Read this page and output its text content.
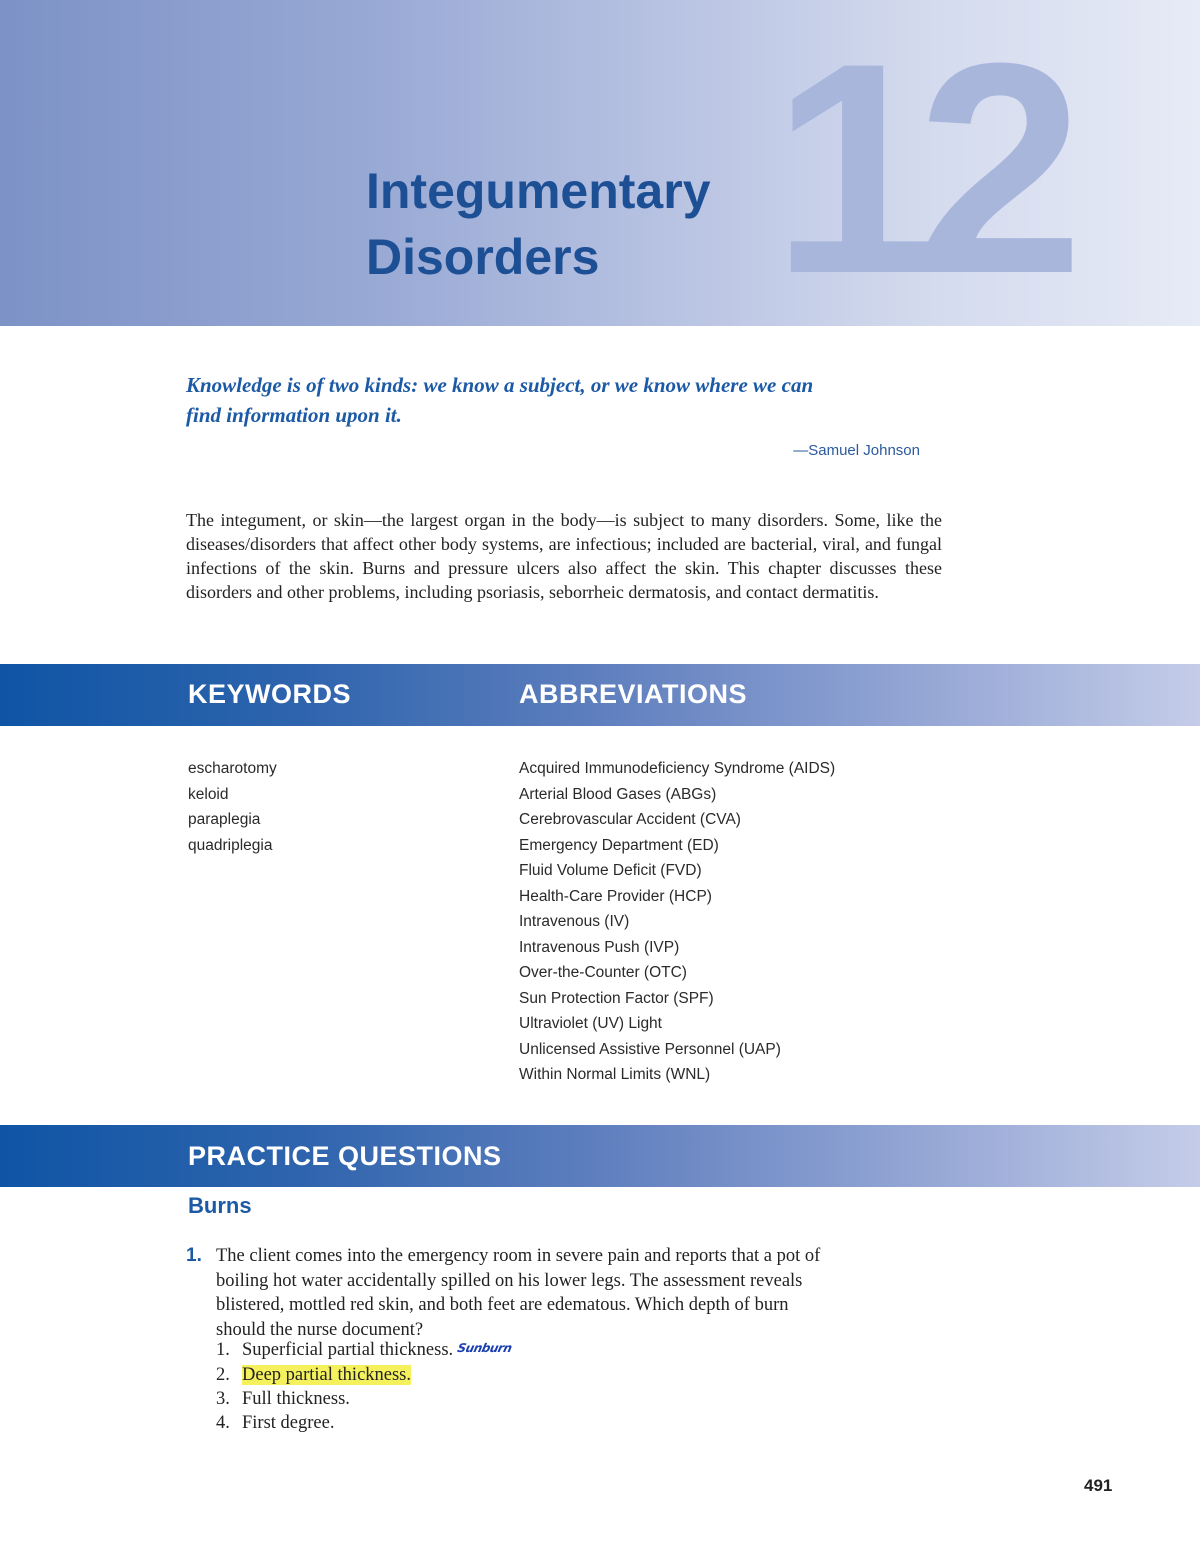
12
Integumentary
Disorders
Knowledge is of two kinds: we know a subject, or we know where we can
find information upon it.
—Samuel Johnson

The integument, or skin—the largest organ in the body—is subject to many disorders. Some, like the diseases/disorders that affect other body systems, are infectious; included are bacterial, viral, and fungal infections of the skin. Burns and pressure ulcers also affect the skin. This chapter discusses these disorders and other problems, including psoriasis, seborrheic dermatosis, and contact dermatitis.

KEYWORDS	ABBREVIATIONS
escharotomy
keloid
paraplegia
quadriplegia
Acquired Immunodeficiency Syndrome (AIDS)
Arterial Blood Gases (ABGs)
Cerebrovascular Accident (CVA)
Emergency Department (ED)
Fluid Volume Deficit (FVD)
Health-Care Provider (HCP)
Intravenous (IV)
Intravenous Push (IVP)
Over-the-Counter (OTC)
Sun Protection Factor (SPF)
Ultraviolet (UV) Light
Unlicensed Assistive Personnel (UAP)
Within Normal Limits (WNL)
PRACTICE QUESTIONS
Burns
1. The client comes into the emergency room in severe pain and reports that a pot of
boiling hot water accidentally spilled on his lower legs. The assessment reveals
blistered, mottled red skin, and both feet are edematous. Which depth of burn
should the nurse document?
1. Superficial partial thickness. Sunburn
2. Deep partial thickness.
3. Full thickness.
4. First degree.
491
